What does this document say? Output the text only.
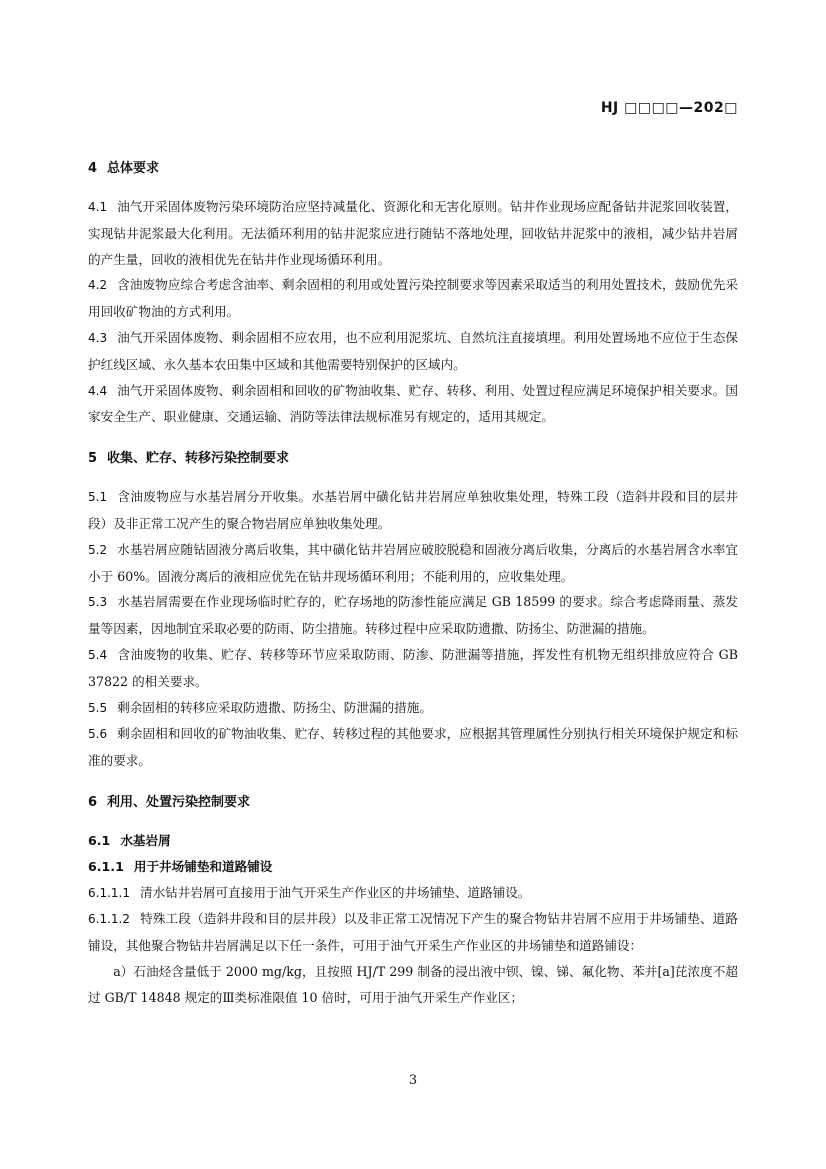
HJ □□□□—202□
4 总体要求

4.1 油气开采固体废物污染环境防治应坚持减量化、资源化和无害化原则。钻井作业现场应配备钻井泥浆回收装置，实现钻井泥浆最大化利用。无法循环利用的钻井泥浆应进行随钻不落地处理，回收钻井泥浆中的液相，减少钻井岩屑的产生量，回收的液相优先在钻井作业现场循环利用。

4.2 含油废物应综合考虑含油率、剩余固相的利用或处置污染控制要求等因素采取适当的利用处置技术，鼓励优先采用回收矿物油的方式利用。

4.3 油气开采固体废物、剩余固相不应农用，也不应利用泥浆坑、自然坑注直接填埋。利用处置场地不应位于生态保护红线区域、永久基本农田集中区域和其他需要特别保护的区域内。

4.4 油气开采固体废物、剩余固相和回收的矿物油收集、贮存、转移、利用、处置过程应满足环境保护相关要求。国家安全生产、职业健康、交通运输、消防等法律法规标准另有规定的，适用其规定。

5 收集、贮存、转移污染控制要求

5.1 含油废物应与水基岩屑分开收集。水基岩屑中磺化钻井岩屑应单独收集处理，特殊工段（造斜井段和目的层井段）及非正常工况产生的聚合物岩屑应单独收集处理。

5.2 水基岩屑应随钻固液分离后收集，其中磺化钻井岩屑应破胶脱稳和固液分离后收集，分离后的水基岩屑含水率宜小于 60%。固液分离后的液相应优先在钻井现场循环利用；不能利用的，应收集处理。

5.3 水基岩屑需要在作业现场临时贮存的，贮存场地的防渗性能应满足 GB 18599 的要求。综合考虑降雨量、蒸发量等因素，因地制宜采取必要的防雨、防尘措施。转移过程中应采取防遗撒、防扬尘、防泄漏的措施。

5.4 含油废物的收集、贮存、转移等环节应采取防雨、防渗、防泄漏等措施，挥发性有机物无组织排放应符合 GB 37822 的相关要求。

5.5 剩余固相的转移应采取防遗撒、防扬尘、防泄漏的措施。

5.6 剩余固相和回收的矿物油收集、贮存、转移过程的其他要求，应根据其管理属性分别执行相关环境保护规定和标准的要求。

6 利用、处置污染控制要求

6.1 水基岩屑

6.1.1 用于井场铺垫和道路铺设

6.1.1.1 清水钻井岩屑可直接用于油气开采生产作业区的井场铺垫、道路铺设。

6.1.1.2 特殊工段（造斜井段和目的层井段）以及非正常工况情况下产生的聚合物钻井岩屑不应用于井场铺垫、道路铺设，其他聚合物钻井岩屑满足以下任一条件，可用于油气开采生产作业区的井场铺垫和道路铺设：

a）石油烃含量低于 2000 mg/kg，且按照 HJ/T 299 制备的浸出液中钡、镍、锑、氟化物、苯并[a]芘浓度不超过 GB/T 14848 规定的Ⅲ类标准限值 10 倍时，可用于油气开采生产作业区；

3
